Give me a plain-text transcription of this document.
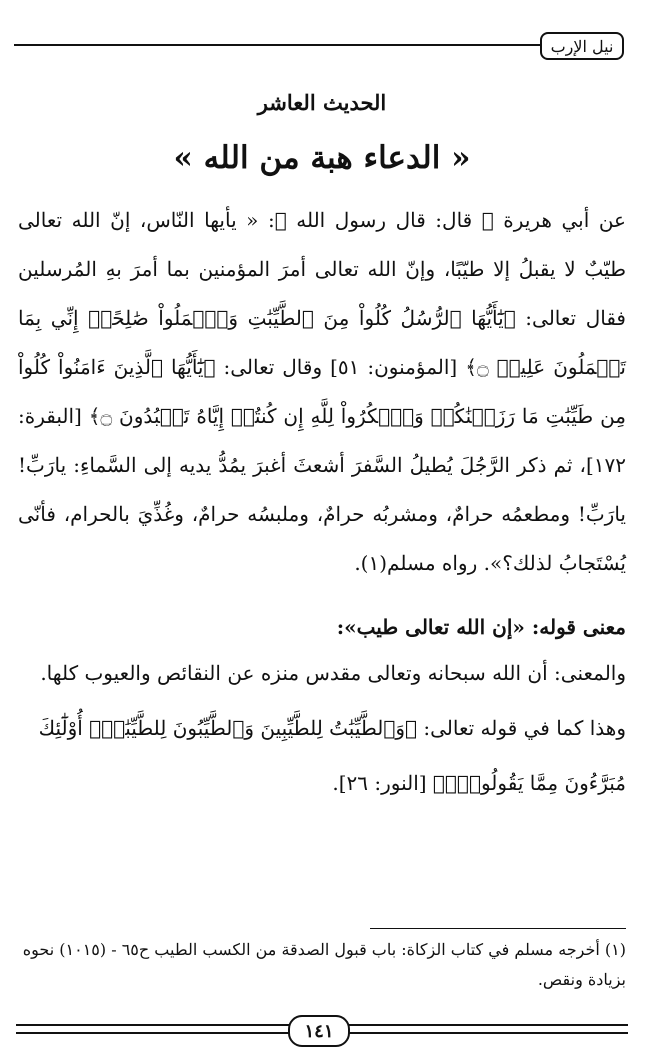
نيل الإرب
الحديث العاشر
« الدعاء هبة من الله »

عن أبي هريرة ﷺ قال: قال رسول الله ﷺ: « يأيها النّاس، إنّ الله تعالى طيّبٌ لا يقبلُ إلا طيّبًا، وإنّ الله تعالى أمرَ المؤمنين بما أمرَ بهِ المُرسلين فقال تعالى: ﴿يَٰٓأَيُّهَا ٱلرُّسُلُ كُلُواْ مِنَ ٱلطَّيِّبَٰتِ وَٱعۡمَلُواْ صَٰلِحًاۖ إِنِّي بِمَا تَعۡمَلُونَ عَلِيمٞ ۝﴾ [المؤمنون: ٥١] وقال تعالى: ﴿يَٰٓأَيُّهَا ٱلَّذِينَ ءَامَنُواْ كُلُواْ مِن طَيِّبَٰتِ مَا رَزَقۡنَٰكُمۡ وَٱشۡكُرُواْ لِلَّهِ إِن كُنتُمۡ إِيَّاهُ تَعۡبُدُونَ ۝﴾ [البقرة: ١٧٢]، ثم ذكر الرَّجُلَ يُطيلُ السَّفرَ أشعثَ أغبرَ يمُدُّ يديه إلى السَّماءِ: يارَبِّ! يارَبِّ! ومطعمُه حرامٌ، ومشربُه حرامٌ، وملبسُه حرامٌ، وغُذِّيَ بالحرام، فأنّى يُسْتَجابُ لذلك؟». رواه مسلم(١).

معنى قوله: «إن الله تعالى طيب»:

والمعنى: أن الله سبحانه وتعالى مقدس منزه عن النقائص والعيوب كلها.

وهذا كما في قوله تعالى: ﴿وَٱلطَّيِّبَٰتُ لِلطَّيِّبِينَ وَٱلطَّيِّبُونَ لِلطَّيِّبَٰتِۚ أُوْلَٰٓئِكَ مُبَرَّءُونَ مِمَّا يَقُولُونَۖ﴾ [النور: ٢٦].

(١) أخرجه مسلم في كتاب الزكاة: باب قبول الصدقة من الكسب الطيب ح٦٥ - (١٠١٥) نحوه بزيادة ونقص.
١٤١
